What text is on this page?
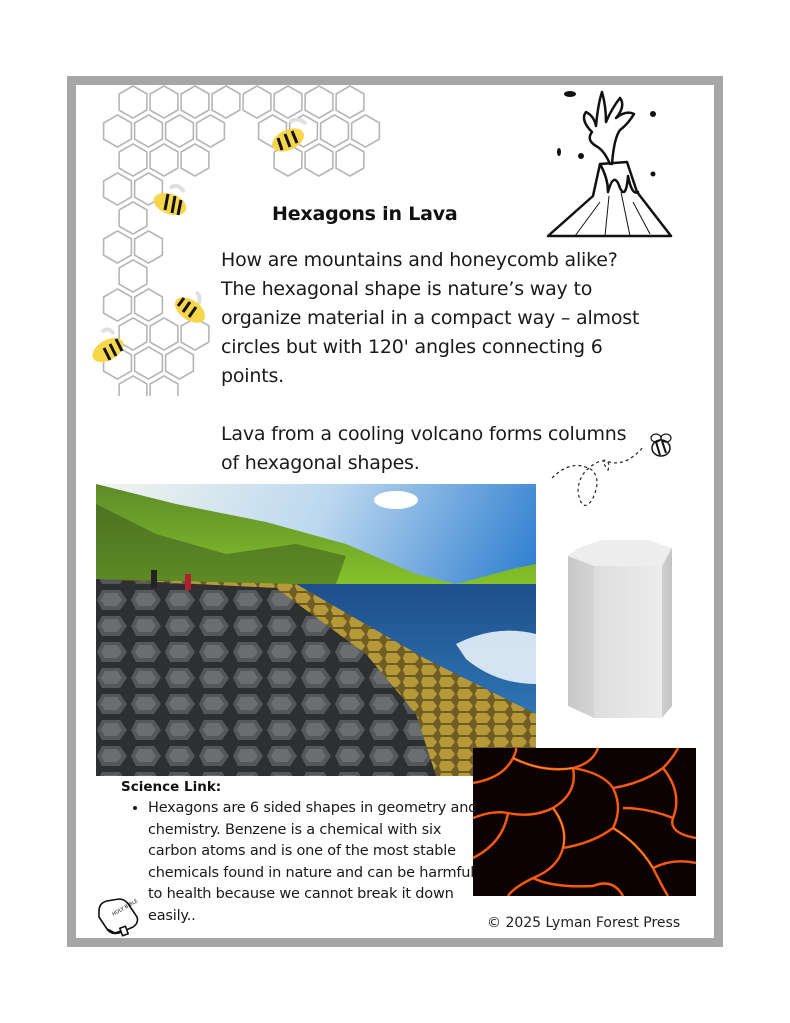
Hexagons in Lava

How are mountains and honeycomb alike? The hexagonal shape is nature’s way to organize material in a compact way – almost circles but with 120' angles connecting 6 points.

Lava from a cooling volcano forms columns of hexagonal shapes.

Science Link:
• Hexagons are 6 sided shapes in geometry and chemistry. Benzene is a chemical with six carbon atoms and is one of the most stable chemicals found in nature and can be harmful to health because we cannot break it down easily..
HOLY BIBLE
© 2025 Lyman Forest Press
